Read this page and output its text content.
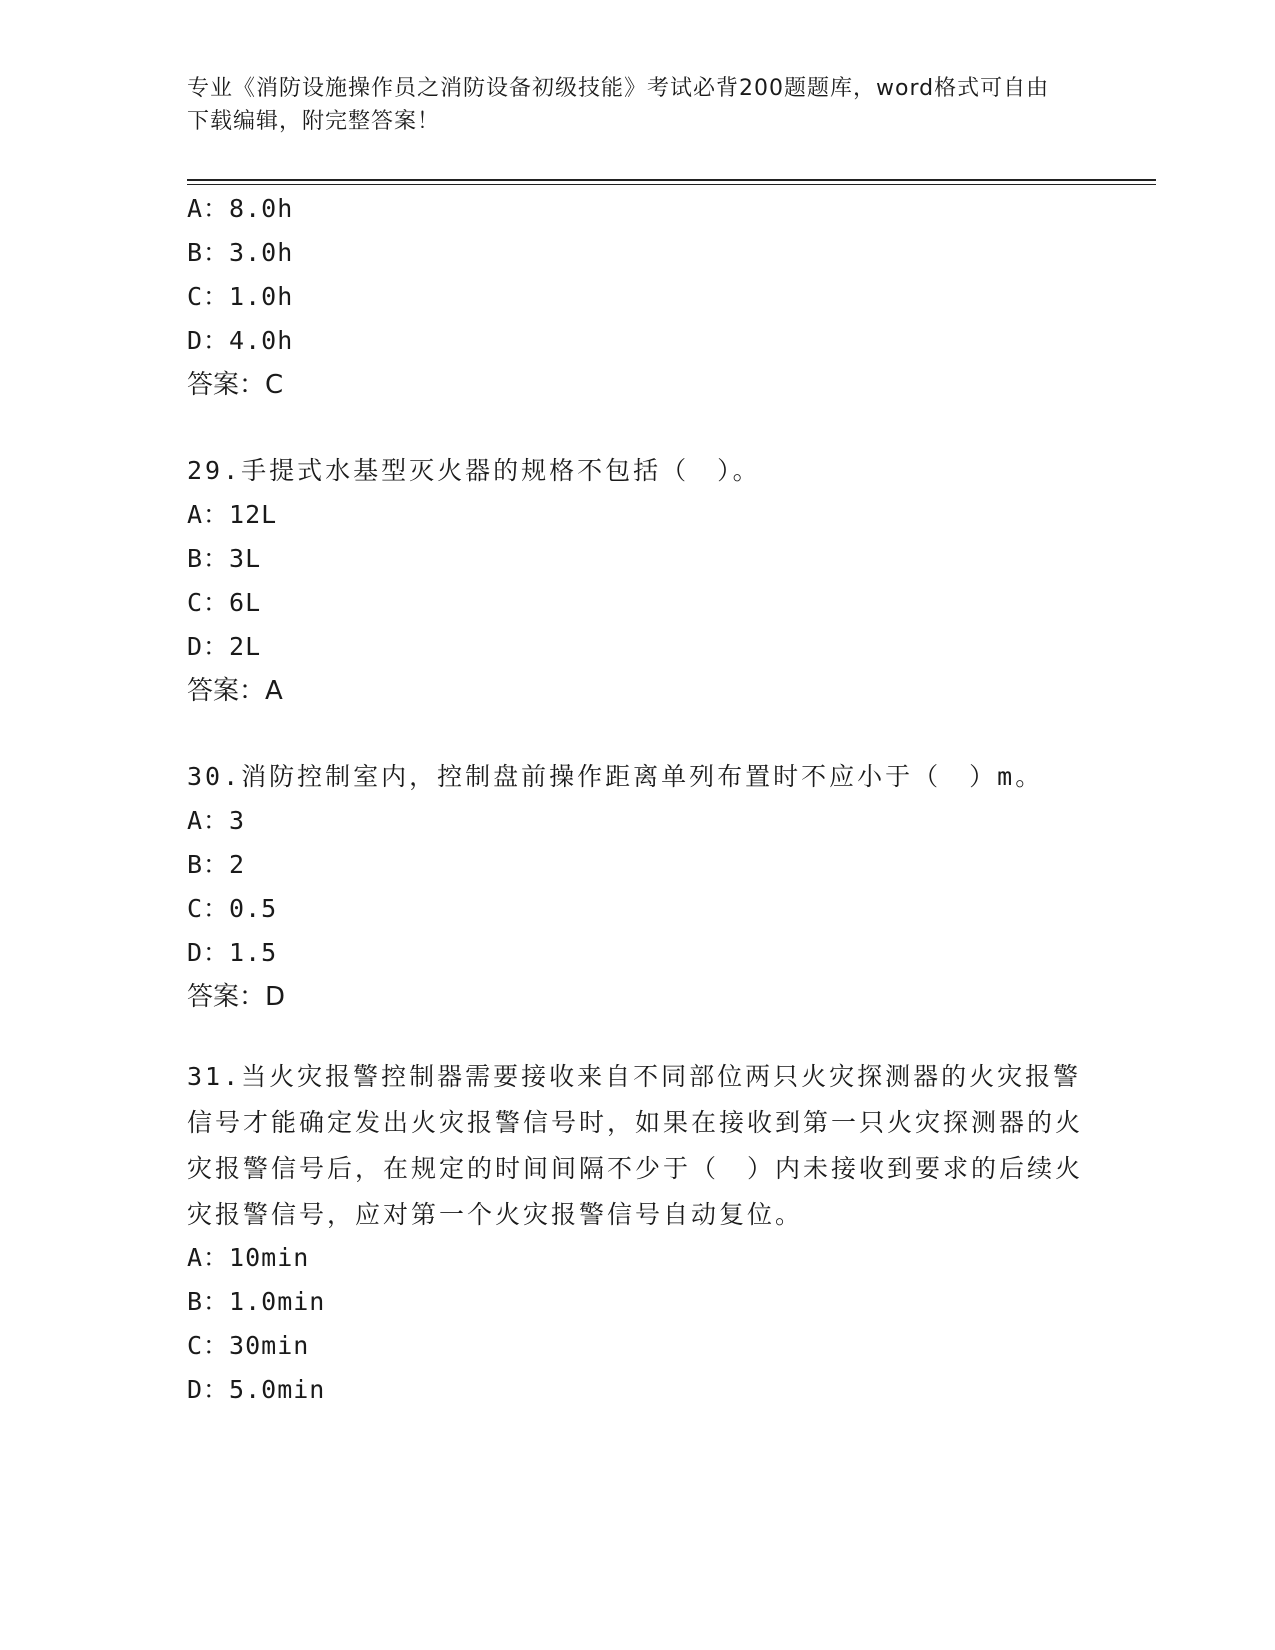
专业《消防设施操作员之消防设备初级技能》考试必背200题题库，word格式可自由下载编辑，附完整答案！
A：8.0h
B：3.0h
C：1.0h
D：4.0h
答案：C
29.手提式水基型灭火器的规格不包括（　）。
A：12L
B：3L
C：6L
D：2L
答案：A
30.消防控制室内，控制盘前操作距离单列布置时不应小于（　）m。
A：3
B：2
C：0.5
D：1.5
答案：D
31.当火灾报警控制器需要接收来自不同部位两只火灾探测器的火灾报警信号才能确定发出火灾报警信号时，如果在接收到第一只火灾探测器的火灾报警信号后，在规定的时间间隔不少于（　）内未接收到要求的后续火灾报警信号，应对第一个火灾报警信号自动复位。
A：10min
B：1.0min
C：30min
D：5.0min
